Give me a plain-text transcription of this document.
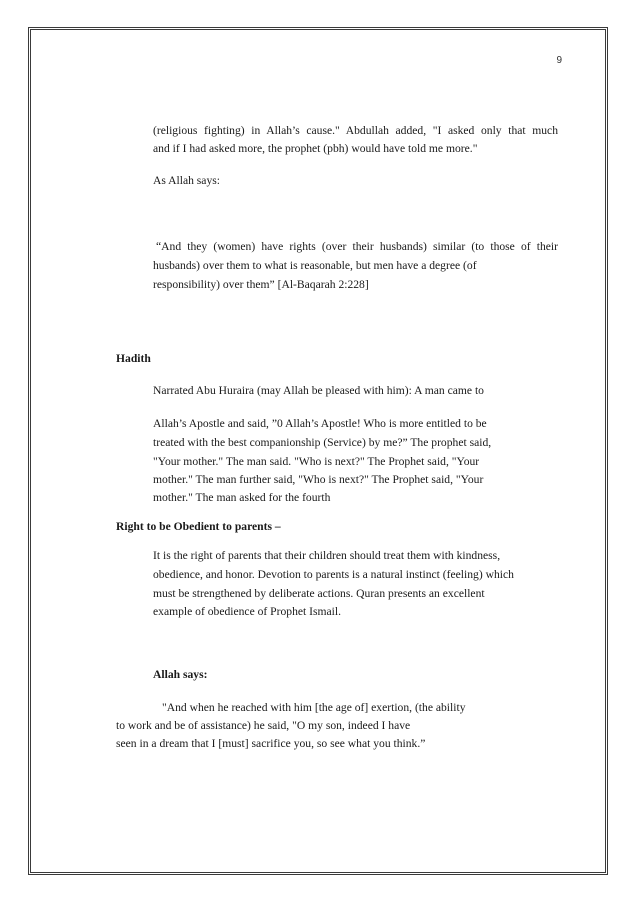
9
(religious fighting) in Allah’s cause." Abdullah added, "I asked only that much
and if I had asked more, the prophet (pbh) would have told me more."
As Allah says:
“And they (women) have rights (over their husbands) similar (to those of their
husbands) over them to what is reasonable, but men have a degree (of
responsibility) over them” [Al-Baqarah 2:228]
Hadith
Narrated Abu Huraira (may Allah be pleased with him): A man came to
Allah’s Apostle and said, ”0 Allah’s Apostle! Who is more entitled to be
treated with the best companionship (Service) by me?” The prophet said,
"Your mother." The man said. "Who is next?" The Prophet said, "Your
mother." The man further said, "Who is next?" The Prophet said, "Your
mother." The man asked for the fourth
Right to be Obedient to parents –
It is the right of parents that their children should treat them with kindness,
obedience, and honor. Devotion to parents is a natural instinct (feeling) which
must be strengthened by deliberate actions. Quran presents an excellent
example of obedience of Prophet Ismail.
Allah says:
"And when he reached with him [the age of] exertion, (the ability
to work and be of assistance) he said, "O my son, indeed I have
seen in a dream that I [must] sacrifice you, so see what you think.”
